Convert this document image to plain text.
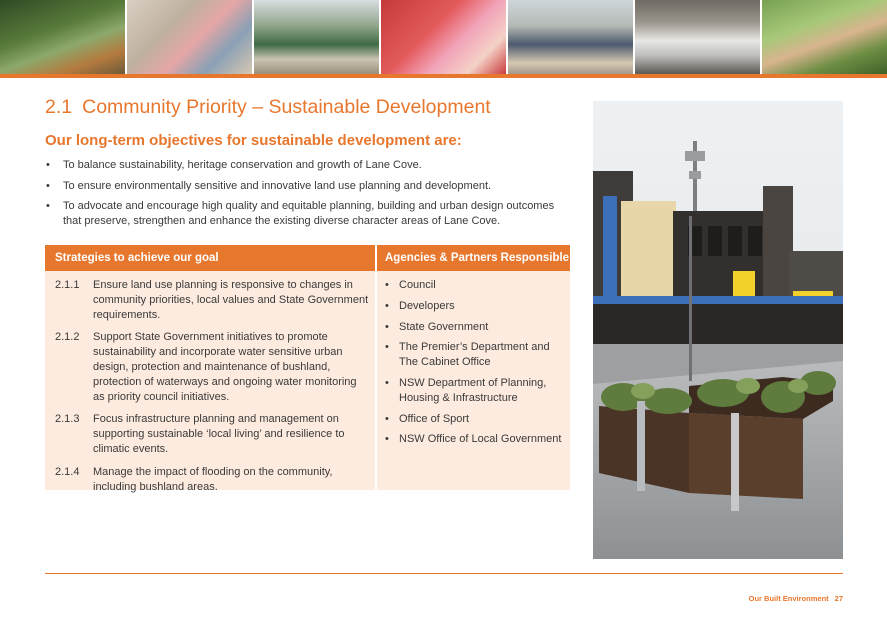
2.1 Community Priority – Sustainable Development
Our long-term objectives for sustainable development are:
• To balance sustainability, heritage conservation and growth of Lane Cove.
• To ensure environmentally sensitive and innovative land use planning and development.
• To advocate and encourage high quality and equitable planning, building and urban design outcomes that preserve, strengthen and enhance the existing diverse character areas of Lane Cove.
Strategies to achieve our goal	Agencies & Partners Responsible
2.1.1 Ensure land use planning is responsive to changes in community priorities, local values and State Government requirements.
2.1.2 Support State Government initiatives to promote sustainability and incorporate water sensitive urban design, protection and maintenance of bushland, protection of waterways and ongoing water monitoring as priority council initiatives.
2.1.3 Focus infrastructure planning and management on supporting sustainable ‘local living’ and resilience to climatic events.
2.1.4 Manage the impact of flooding on the community, including bushland areas.
• Council
• Developers
• State Government
• The Premier’s Department and The Cabinet Office
• NSW Department of Planning, Housing & Infrastructure
• Office of Sport
• NSW Office of Local Government
Our Built Environment 27
